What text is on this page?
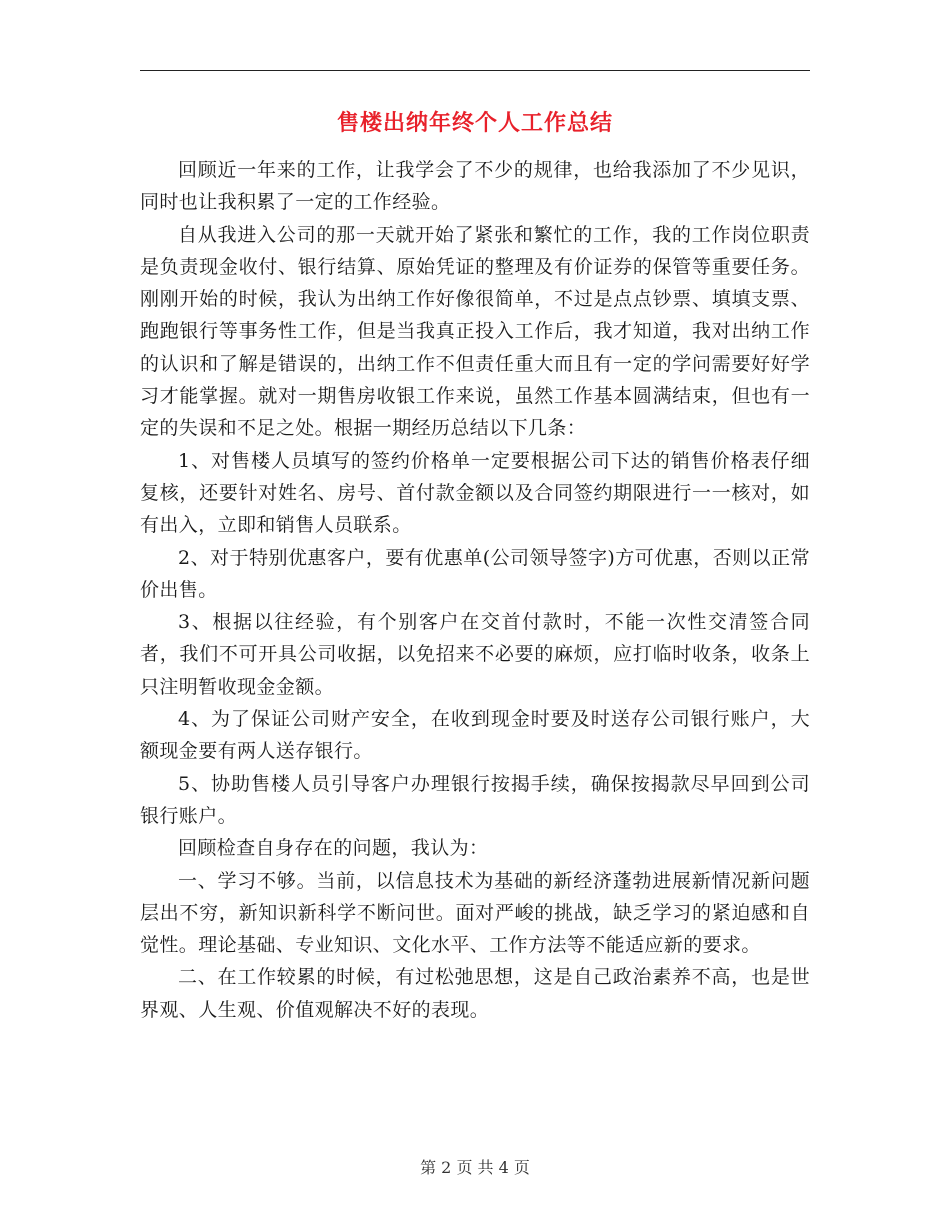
售楼出纳年终个人工作总结

回顾近一年来的工作，让我学会了不少的规律，也给我添加了不少见识，同时也让我积累了一定的工作经验。

自从我进入公司的那一天就开始了紧张和繁忙的工作，我的工作岗位职责是负责现金收付、银行结算、原始凭证的整理及有价证券的保管等重要任务。刚刚开始的时候，我认为出纳工作好像很简单，不过是点点钞票、填填支票、跑跑银行等事务性工作，但是当我真正投入工作后，我才知道，我对出纳工作的认识和了解是错误的，出纳工作不但责任重大而且有一定的学问需要好好学习才能掌握。就对一期售房收银工作来说，虽然工作基本圆满结束，但也有一定的失误和不足之处。根据一期经历总结以下几条：

1、对售楼人员填写的签约价格单一定要根据公司下达的销售价格表仔细复核，还要针对姓名、房号、首付款金额以及合同签约期限进行一一核对，如有出入，立即和销售人员联系。

2、对于特别优惠客户，要有优惠单(公司领导签字)方可优惠，否则以正常价出售。

3、根据以往经验，有个别客户在交首付款时，不能一次性交清签合同者，我们不可开具公司收据，以免招来不必要的麻烦，应打临时收条，收条上只注明暂收现金金额。

4、为了保证公司财产安全，在收到现金时要及时送存公司银行账户，大额现金要有两人送存银行。

5、协助售楼人员引导客户办理银行按揭手续，确保按揭款尽早回到公司银行账户。

回顾检查自身存在的问题，我认为：

一、学习不够。当前，以信息技术为基础的新经济蓬勃进展新情况新问题层出不穷，新知识新科学不断问世。面对严峻的挑战，缺乏学习的紧迫感和自觉性。理论基础、专业知识、文化水平、工作方法等不能适应新的要求。

二、在工作较累的时候，有过松弛思想，这是自己政治素养不高，也是世界观、人生观、价值观解决不好的表现。

第 2 页 共 4 页
